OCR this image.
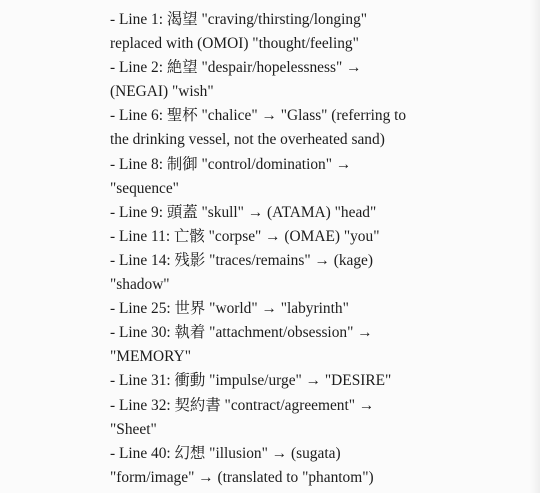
- Line 1: 渴望 "craving/thirsting/longing"
replaced with (OMOI) "thought/feeling"
- Line 2: 絶望 "despair/hopelessness" →
(NEGAI) "wish"
- Line 6: 聖杯 "chalice" → "Glass" (referring to
the drinking vessel, not the overheated sand)
- Line 8: 制御 "control/domination" →
"sequence"
- Line 9: 頭蓋 "skull" → (ATAMA) "head"
- Line 11: 亡骸 "corpse" → (OMAE) "you"
- Line 14: 残影 "traces/remains" → (kage)
"shadow"
- Line 25: 世界 "world" → "labyrinth"
- Line 30: 執着 "attachment/obsession" →
"MEMORY"
- Line 31: 衝動 "impulse/urge" → "DESIRE"
- Line 32: 契約書 "contract/agreement" →
"Sheet"
- Line 40: 幻想 "illusion" → (sugata)
"form/image" → (translated to "phantom")
